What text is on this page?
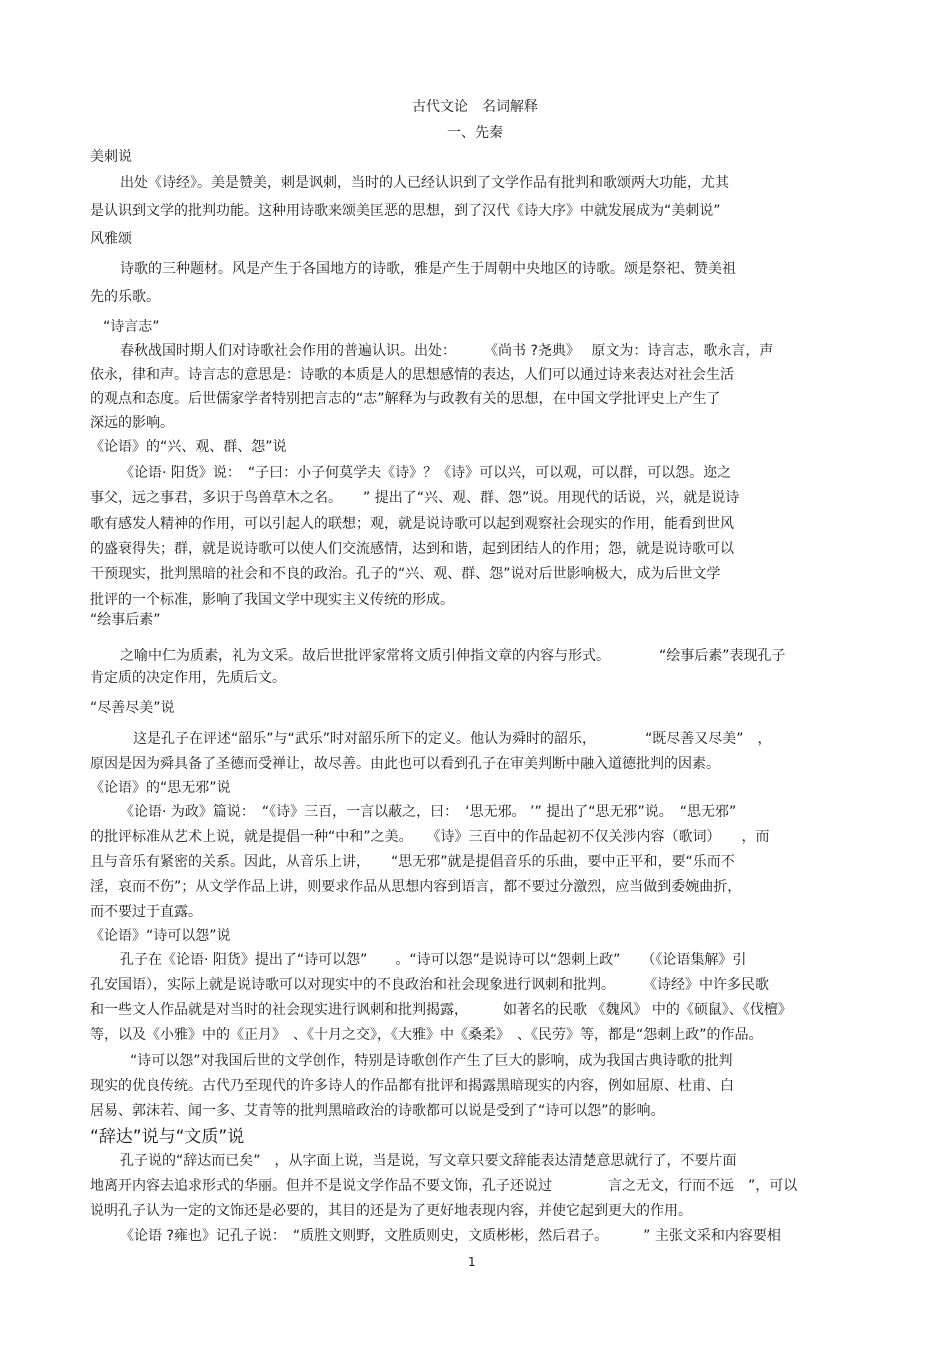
古代文论　名词解释
一、先秦
美刺说
出处《诗经》。美是赞美，刺是讽刺，当时的人已经认识到了文学作品有批判和歌颂两大功能，尤其
是认识到文学的批判功能。这种用诗歌来颂美匡恶的思想，到了汉代《诗大序》中就发展成为“美刺说”
风雅颂
诗歌的三种题材。风是产生于各国地方的诗歌，雅是产生于周朝中央地区的诗歌。颂是祭祀、赞美祖
先的乐歌。
“诗言志”
春秋战国时期人们对诗歌社会作用的普遍认识。出处：　　　《尚书 ?尧典》　 原文为：诗言志，歌永言，声
依永，律和声。诗言志的意思是：诗歌的本质是人的思想感情的表达，人们可以通过诗来表达对社会生活
的观点和态度。后世儒家学者特别把言志的“志”解释为与政教有关的思想，在中国文学批评史上产生了
深远的影响。
《论语》的“兴、观、群、怨”说
《论语· 阳货》说：　“子曰：小子何莫学夫《诗》？《诗》可以兴，可以观，可以群，可以怨。迩之
事父，远之事君，多识于鸟兽草木之名。　　” 提出了“兴、观、群、怨”说。用现代的话说，兴，就是说诗
歌有感发人精神的作用，可以引起人的联想；观，就是说诗歌可以起到观察社会现实的作用，能看到世风
的盛衰得失；群，就是说诗歌可以使人们交流感情，达到和谐，起到团结人的作用；怨，就是说诗歌可以
干预现实，批判黑暗的社会和不良的政治。孔子的“兴、观、群、怨”说对后世影响极大，成为后世文学
批评的一个标准，影响了我国文学中现实主义传统的形成。
“绘事后素”
之喻中仁为质素，礼为文采。故后世批评家常将文质引伸指文章的内容与形式。　　　　“绘事后素”表现孔子
肯定质的决定作用，先质后文。
“尽善尽美”说
这是孔子在评述“韶乐”与“武乐”时对韶乐所下的定义。他认为舜时的韶乐，　　　　“既尽善又尽美”　，
原因是因为舜具备了圣德而受禅让，故尽善。由此也可以看到孔子在审美判断中融入道德批判的因素。
《论语》的“思无邪”说
《论语· 为政》篇说：　“《诗》三百，一言以蔽之，曰：　‘思无邪。 ’” 提出了“思无邪”说。　“思无邪”
的批评标准从艺术上说，就是提倡一种“中和”之美。　　《诗》三百中的作品起初不仅关涉内容（歌词）　　，而
且与音乐有紧密的关系。因此，从音乐上讲，　　“思无邪”就是提倡音乐的乐曲，要中正平和，要“乐而不
淫，哀而不伤”；从文学作品上讲，则要求作品从思想内容到语言，都不要过分激烈，应当做到委婉曲折，
而不要过于直露。
《论语》“诗可以怨”说
孔子在《论语· 阳货》提出了“诗可以怨”　　。“诗可以怨”是说诗可以“怨刺上政”　　（《论语集解》引
孔安国语），实际上就是说诗歌可以对现实中的不良政治和社会现象进行讽刺和批判。　　　《诗经》中许多民歌
和一些文人作品就是对当时的社会现实进行讽刺和批判揭露，　　　如著名的民歌 《魏风》 中的《硕鼠》、《伐檀》
等，以及《小雅》中的《正月》　、《十月之交》，《大雅》中《桑柔》　、《民劳》等，都是“怨刺上政”的作品。
“诗可以怨”对我国后世的文学创作，特别是诗歌创作产生了巨大的影响，成为我国古典诗歌的批判
现实的优良传统。古代乃至现代的许多诗人的作品都有批评和揭露黑暗现实的内容，例如屈原、杜甫、白
居易、郭沫若、闻一多、艾青等的批判黑暗政治的诗歌都可以说是受到了“诗可以怨”的影响。
“辞达”说与“文质”说
孔子说的“辞达而已矣”　，从字面上说，当是说，写文章只要文辞能表达清楚意思就行了，不要片面
地离开内容去追求形式的华丽。但并不是说文学作品不要文饰，孔子还说过　　　　言之无文，行而不远　”，可以
说明孔子认为一定的文饰还是必要的，其目的还是为了更好地表现内容，并使它起到更大的作用。
《论语 ?雍也》记孔子说：　“质胜文则野，文胜质则史，文质彬彬，然后君子。　　　” 主张文采和内容要相
1
